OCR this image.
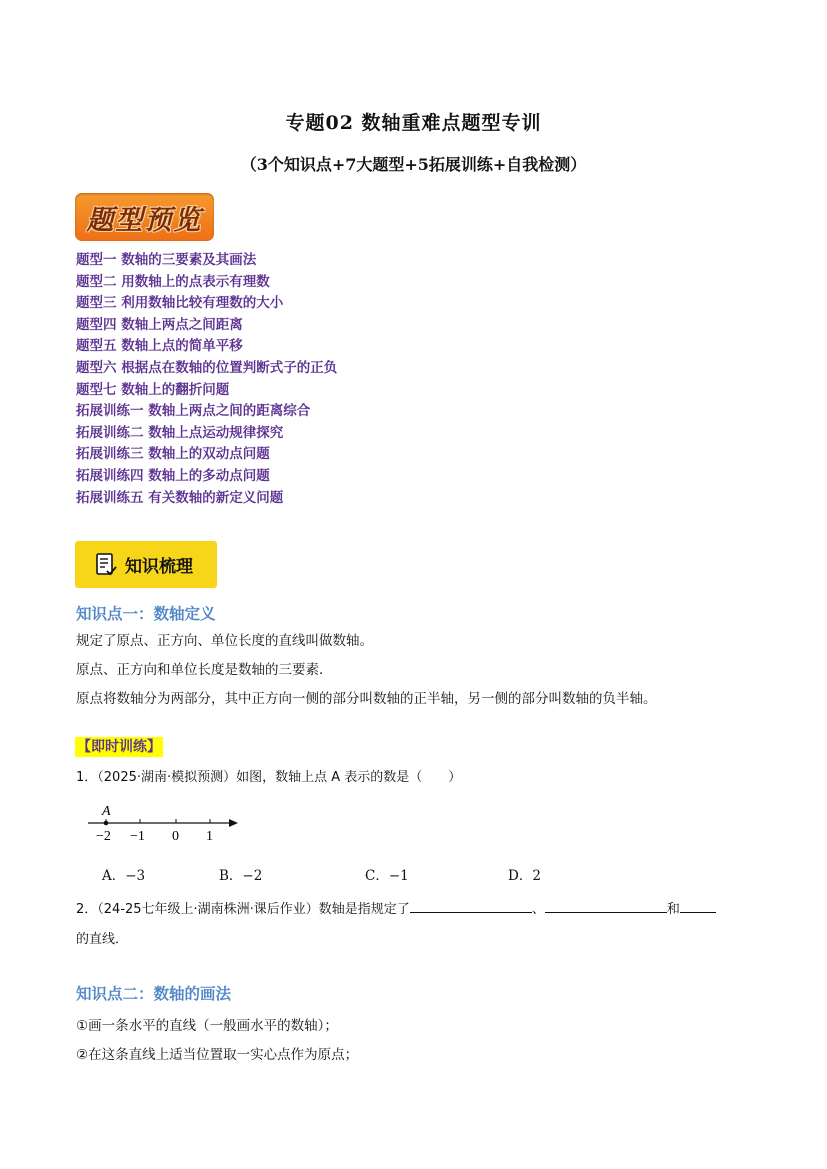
专题02 数轴重难点题型专训
（3个知识点+7大题型+5拓展训练+自我检测）
题型预览
题型一 数轴的三要素及其画法
题型二 用数轴上的点表示有理数
题型三 利用数轴比较有理数的大小
题型四 数轴上两点之间距离
题型五 数轴上点的简单平移
题型六 根据点在数轴的位置判断式子的正负
题型七 数轴上的翻折问题
拓展训练一 数轴上两点之间的距离综合
拓展训练二 数轴上点运动规律探究
拓展训练三 数轴上的双动点问题
拓展训练四 数轴上的多动点问题
拓展训练五 有关数轴的新定义问题
知识梳理
知识点一：数轴定义
规定了原点、正方向、单位长度的直线叫做数轴。
原点、正方向和单位长度是数轴的三要素．
原点将数轴分为两部分，其中正方向一侧的部分叫数轴的正半轴，另一侧的部分叫数轴的负半轴。
【即时训练】
1．（2025·湖南·模拟预测）如图，数轴上点 A 表示的数是（　　）
A
−2 −1 0 1
A．−3	B．−2	C．−1	D．2
2．（24-25七年级上·湖南株洲·课后作业）数轴是指规定了	、	和
的直线．
知识点二：数轴的画法
①画一条水平的直线（一般画水平的数轴）；
②在这条直线上适当位置取一实心点作为原点；
